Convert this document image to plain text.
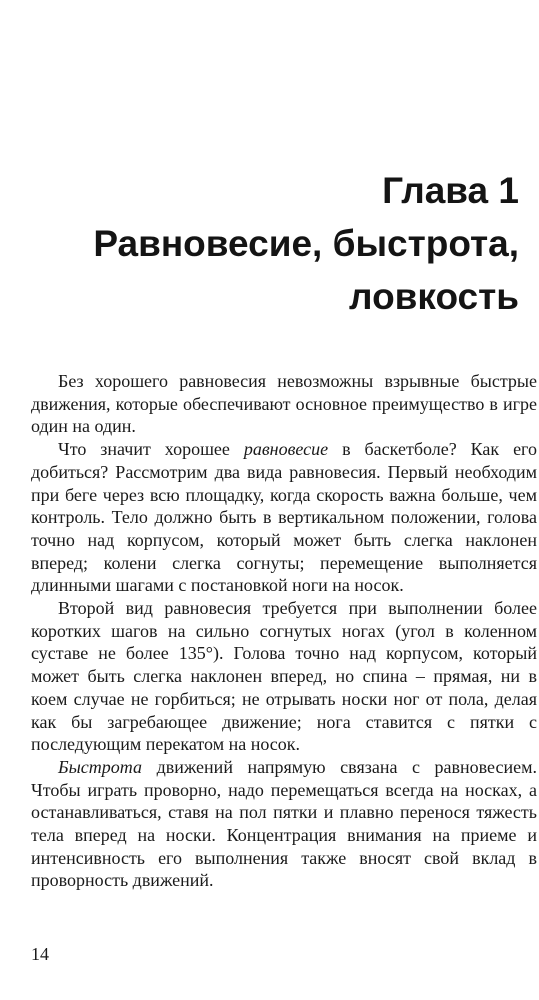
Глава 1
Равновесие, быстрота,
ловкость

Без хорошего равновесия невозможны взрывные быстрые движения, которые обеспечивают основное преимущество в игре один на один.

Что значит хорошее равновесие в баскетболе? Как его добиться? Рассмотрим два вида равновесия. Первый необходим при беге через всю площадку, когда скорость важна больше, чем контроль. Тело должно быть в вертикальном положении, голова точно над корпусом, который может быть слегка наклонен вперед; колени слегка согнуты; перемещение выполняется длинными шагами с постановкой ноги на носок.

Второй вид равновесия требуется при выполнении более коротких шагов на сильно согнутых ногах (угол в коленном суставе не более 135°). Голова точно над корпусом, который может быть слегка наклонен вперед, но спина – прямая, ни в коем случае не горбиться; не отрывать носки ног от пола, делая как бы загребающее движение; нога ставится с пятки с последующим перекатом на носок.

Быстрота движений напрямую связана с равновесием. Чтобы играть проворно, надо перемещаться всегда на носках, а останавливаться, ставя на пол пятки и плавно перенося тяжесть тела вперед на носки. Концентрация внимания на приеме и интенсивность его выполнения также вносят свой вклад в проворность движений.

14
